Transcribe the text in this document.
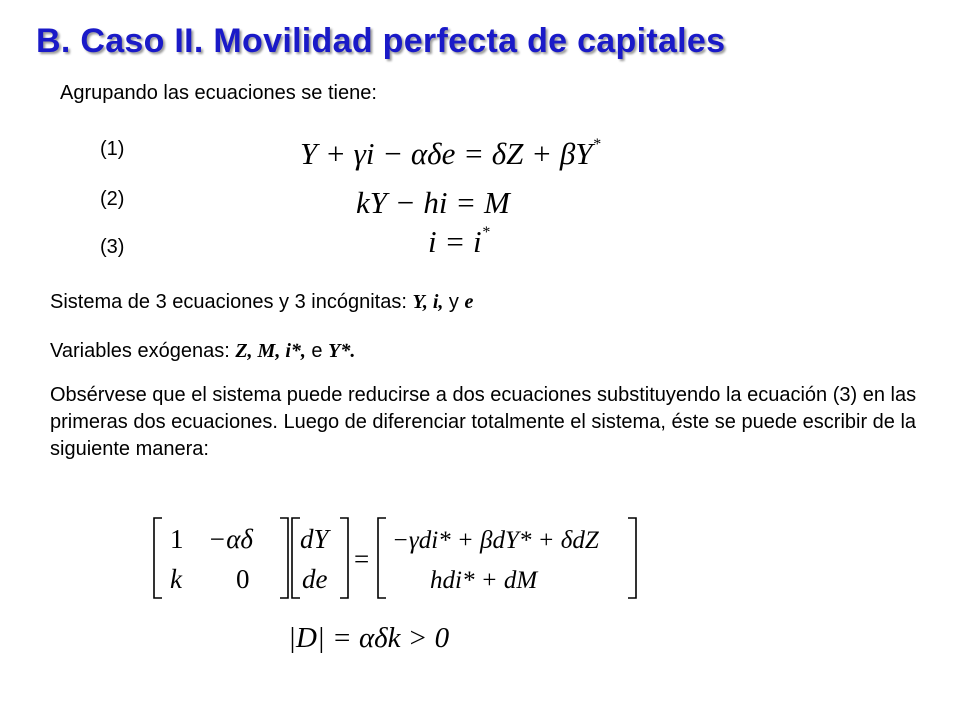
B. Caso II. Movilidad perfecta de capitales
Agrupando las ecuaciones se tiene:
(1)
(2)
(3)
Y + γi − αδe = δZ + βY*
kY − hi = M
i = i*
Sistema de 3 ecuaciones y 3 incógnitas: Y, i, y e
Variables exógenas: Z, M, i*, e Y*.
Obsérvese que el sistema puede reducirse a dos ecuaciones substituyendo la ecuación (3) en las primeras dos ecuaciones. Luego de diferenciar totalmente el sistema, éste se puede escribir de la siguiente manera:
1 −αδ
k 0
dY
de
=
−γdi* + βdY* + δdZ
hdi* + dM
|D| = αδk > 0
